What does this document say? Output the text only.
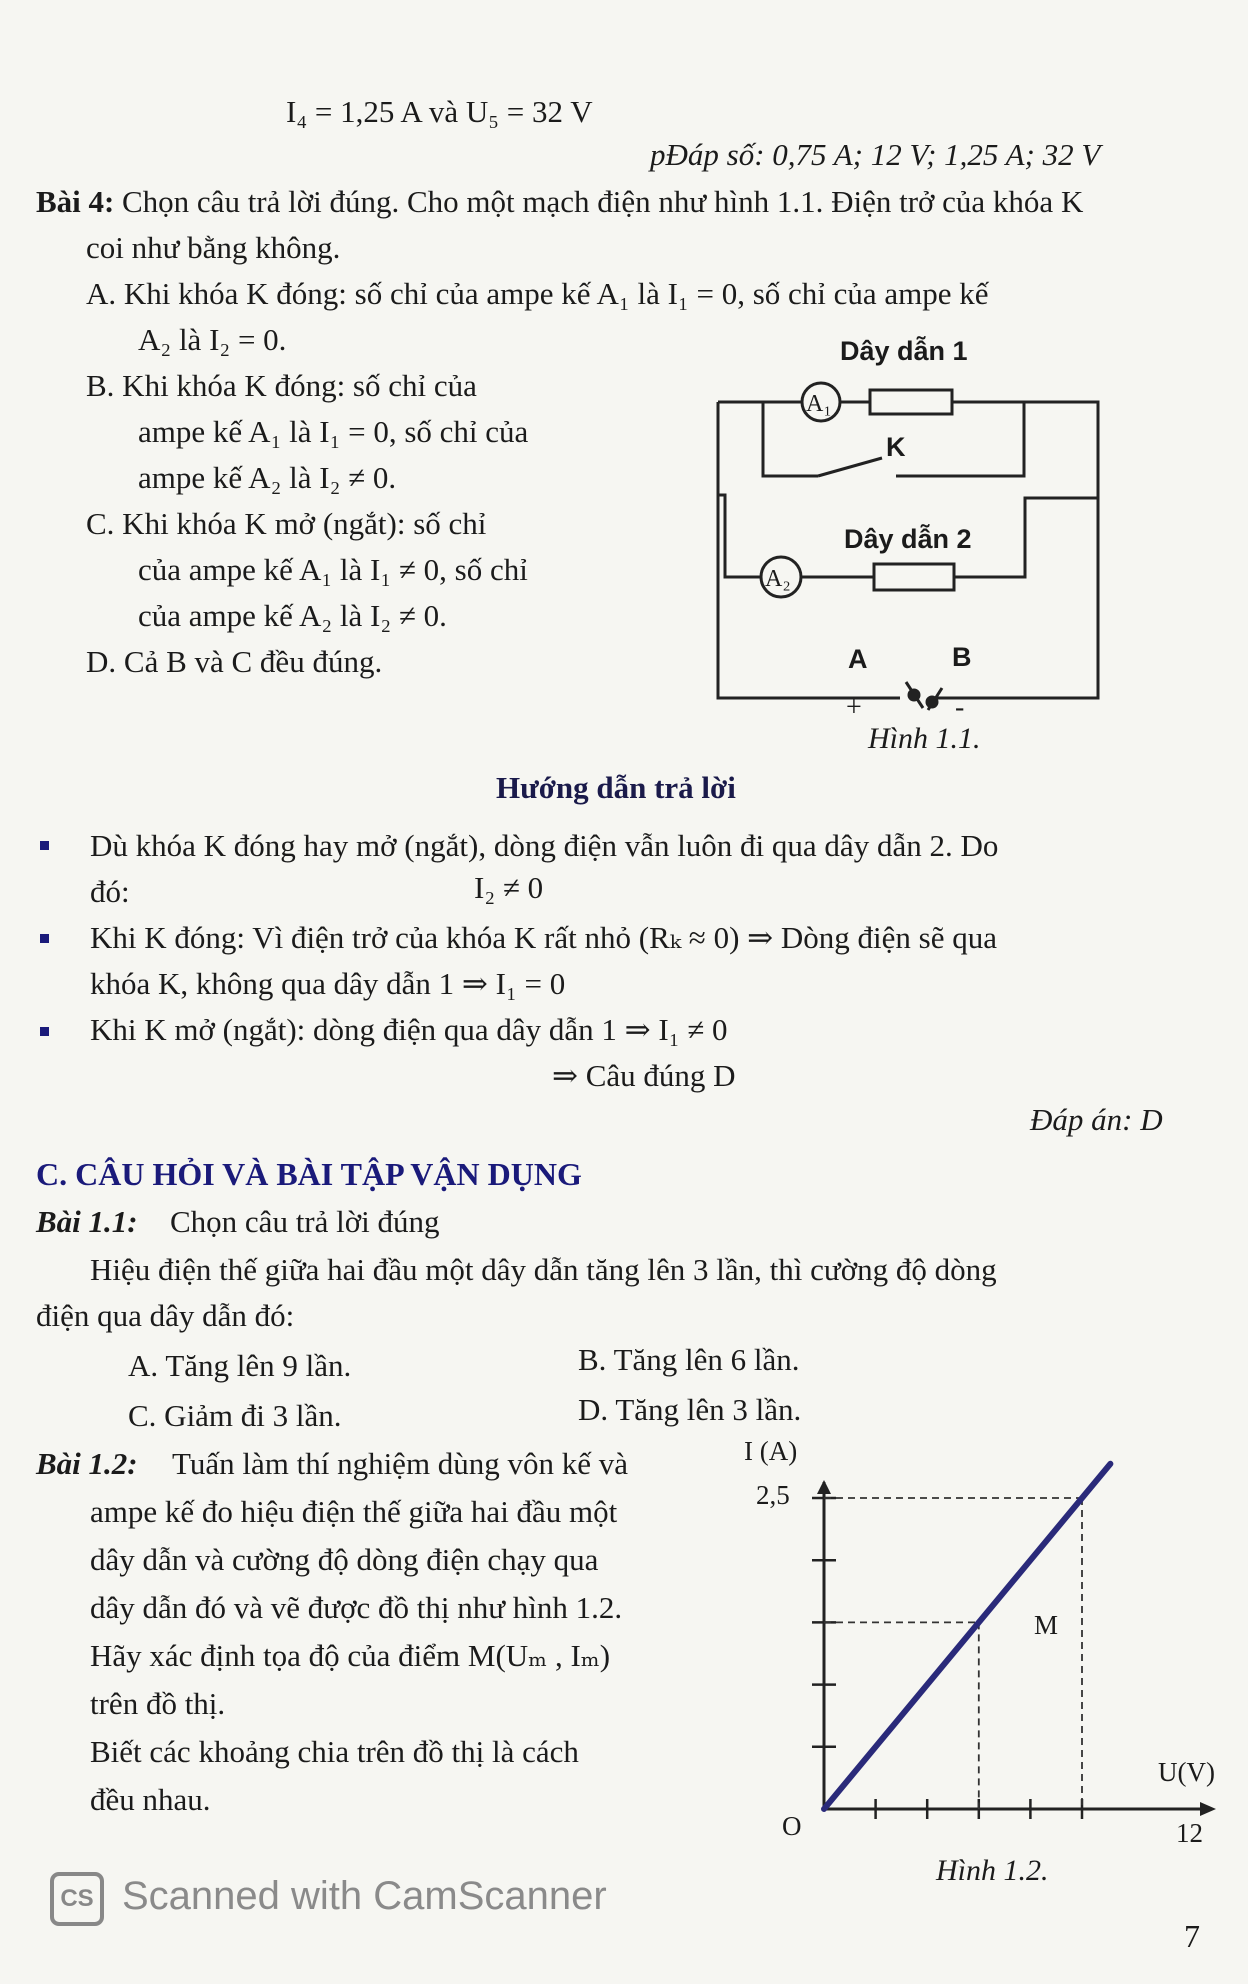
I₄ = 1,25 A và U₅ = 32 V
pĐáp số: 0,75 A; 12 V; 1,25 A; 32 V
Bài 4: Chọn câu trả lời đúng. Cho một mạch điện như hình 1.1. Điện trở của khóa K
coi như bằng không.
A. Khi khóa K đóng: số chỉ của ampe kế A₁ là I₁ = 0, số chỉ của ampe kế
A₂ là I₂ = 0.
B. Khi khóa K đóng: số chỉ của
ampe kế A₁ là I₁ = 0, số chỉ của
ampe kế A₂ là I₂ ≠ 0.
C. Khi khóa K mở (ngắt): số chỉ
của ampe kế A₁ là I₁ ≠ 0, số chỉ
của ampe kế A₂ là I₂ ≠ 0.
D. Cả B và C đều đúng.
Dây dẫn 1
Dây dẫn 2
A₁
A₂
K
A	B
+	-
Hình 1.1.
Hướng dẫn trả lời
Dù khóa K đóng hay mở (ngắt), dòng điện vẫn luôn đi qua dây dẫn 2. Do
đó:	I₂ ≠ 0
Khi K đóng: Vì điện trở của khóa K rất nhỏ (Rₖ ≈ 0) ⇒ Dòng điện sẽ qua
khóa K, không qua dây dẫn 1 ⇒ I₁ = 0
Khi K mở (ngắt): dòng điện qua dây dẫn 1 ⇒ I₁ ≠ 0
⇒ Câu đúng D
Đáp án: D
C. CÂU HỎI VÀ BÀI TẬP VẬN DỤNG
Bài 1.1: Chọn câu trả lời đúng
Hiệu điện thế giữa hai đầu một dây dẫn tăng lên 3 lần, thì cường độ dòng
điện qua dây dẫn đó:
A. Tăng lên 9 lần.	B. Tăng lên 6 lần.
C. Giảm đi 3 lần.	D. Tăng lên 3 lần.
Bài 1.2: Tuấn làm thí nghiệm dùng vôn kế và
ampe kế đo hiệu điện thế giữa hai đầu một
dây dẫn và cường độ dòng điện chạy qua
dây dẫn đó và vẽ được đồ thị như hình 1.2.
Hãy xác định tọa độ của điểm M(Uₘ , Iₘ)
trên đồ thị.
Biết các khoảng chia trên đồ thị là cách
đều nhau.
I (A)
2,5
U(V)
12
O
M
Hình 1.2.
CS Scanned with CamScanner
7
